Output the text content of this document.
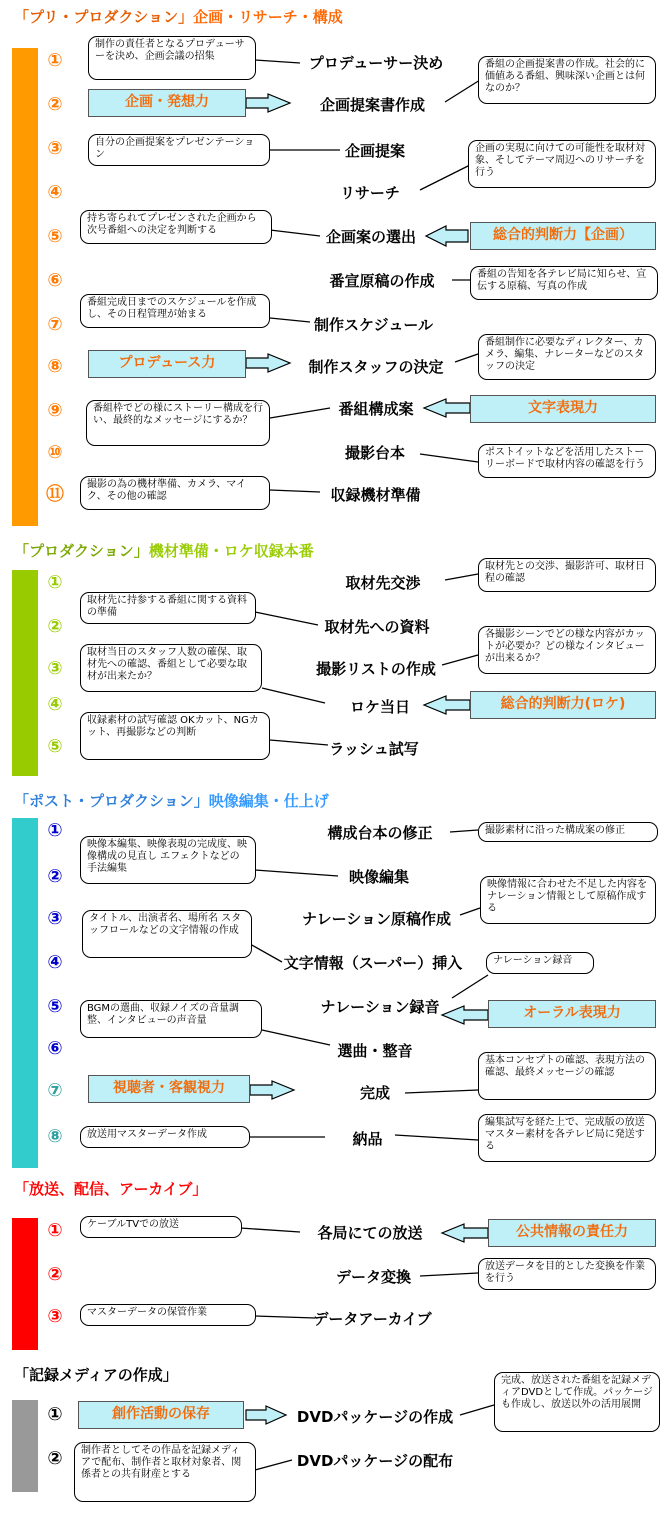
「プリ・プロダクション」企画・リサーチ・構成
①
制作の責任者となるプロデューサーを決め、企画会議の招集	プロデューサー決め
②	企画・発想力	企画提案書作成
番組の企画提案書の作成。社会的に価値ある番組、興味深い企画とは何なのか？
③	自分の企画提案をプレゼンテーション	企画提案
④	リサーチ
企画の実現に向けての可能性を取材対象、そしてテーマ周辺へのリサーチを行う
⑤
持ち寄られてプレゼンされた企画から次号番組への決定を判断する	企画案の選出	総合的判断力【企画）
⑥	番宣原稿の作成	番組の告知を各テレビ局に知らせ、宣伝する原稿、写真の作成
⑦
番組完成日までのスケジュールを作成し、その日程管理が始まる
制作スケジュール
⑧	プロデュース力	制作スタッフの決定
番組制作に必要なディレクター、カメラ、編集、ナレーターなどのスタッフの決定
⑨	番組枠でどの様にストーリー構成を行い、最終的なメッセージにするか？
番組構成案	文字表現力
⑩	撮影台本	ポストイットなどを活用したストーリーボードで取材内容の確認を行う
⑪	撮影の為の機材準備、カメラ、マイク、その他の確認	収録機材準備
「プロダクション」機材準備・ロケ収録本番
①	取材先交渉
取材先との交渉、撮影許可、取材日程の確認
②
取材先に持参する番組に関する資料の準備
取材先への資料
③
取材当日のスタッフ人数の確保、取材先への確認、番組として必要な取材が出来たか？	撮影リストの作成
各撮影シーンでどの様な内容がカットが必要か？どの様なインタビューが出来るか？
④	ロケ当日	総合的判断力(ロケ)
⑤
収録素材の試写確認 OKカット、NGカット、再撮影などの判断
ラッシュ試写
「ポスト・プロダクション」映像編集・仕上げ
①	構成台本の修正	撮影素材に沿った構成案の修正
②
映像本編集、映像表現の完成度、映像構成の見直し エフェクトなどの手法編集	映像編集
③	ナレーション原稿作成
映像情報に合わせた不足した内容をナレーション情報として原稿作成する
タイトル、出演者名、場所名 スタッフロールなどの文字情報の作成
④	文字情報（スーパー）挿入
⑤
ナレーション録音
ナレーション録音
BGMの選曲、収録ノイズの音量調整、インタビューの声音量	オーラル表現力
⑥	選曲・整音
⑦	視聴者・客観視力	完成
基本コンセプトの確認、表現方法の確認、最終メッセージの確認
⑧	放送用マスターデータ作成	納品
編集試写を経た上で、完成版の放送マスター素材を各テレビ局に発送する
「放送、配信、アーカイブ」
①	ケーブルTVでの放送	各局にての放送	公共情報の責任力
②	データ変換
放送データを目的とした変換を作業を行う
③	マスターデータの保管作業	データアーカイブ
「記録メディアの作成」
①	創作活動の保存	DVDパッケージの作成
完成、放送された番組を記録メディアDVDとして作成。パッケージも作成し、放送以外の活用展開
②	制作者としてその作品を記録メディアで配布、制作者と取材対象者、関係者との共有財産とする
DVDパッケージの配布
